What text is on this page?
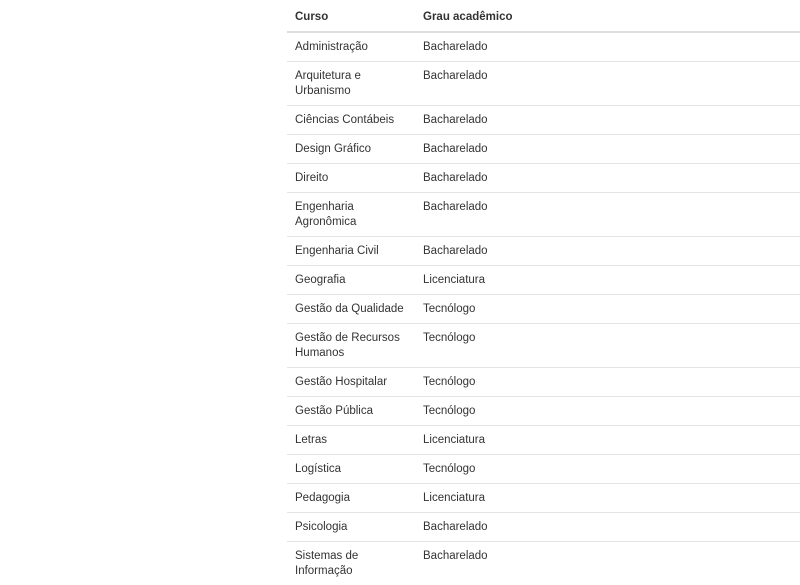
Curso	Grau acadêmico
Administração	Bacharelado
Arquitetura e Urbanismo	Bacharelado
Ciências Contábeis	Bacharelado
Design Gráfico	Bacharelado
Direito	Bacharelado
Engenharia Agronômica	Bacharelado
Engenharia Civil	Bacharelado
Geografia	Licenciatura
Gestão da Qualidade	Tecnólogo
Gestão de Recursos Humanos	Tecnólogo
Gestão Hospitalar	Tecnólogo
Gestão Pública	Tecnólogo
Letras	Licenciatura
Logística	Tecnólogo
Pedagogia	Licenciatura
Psicologia	Bacharelado
Sistemas de Informação	Bacharelado
